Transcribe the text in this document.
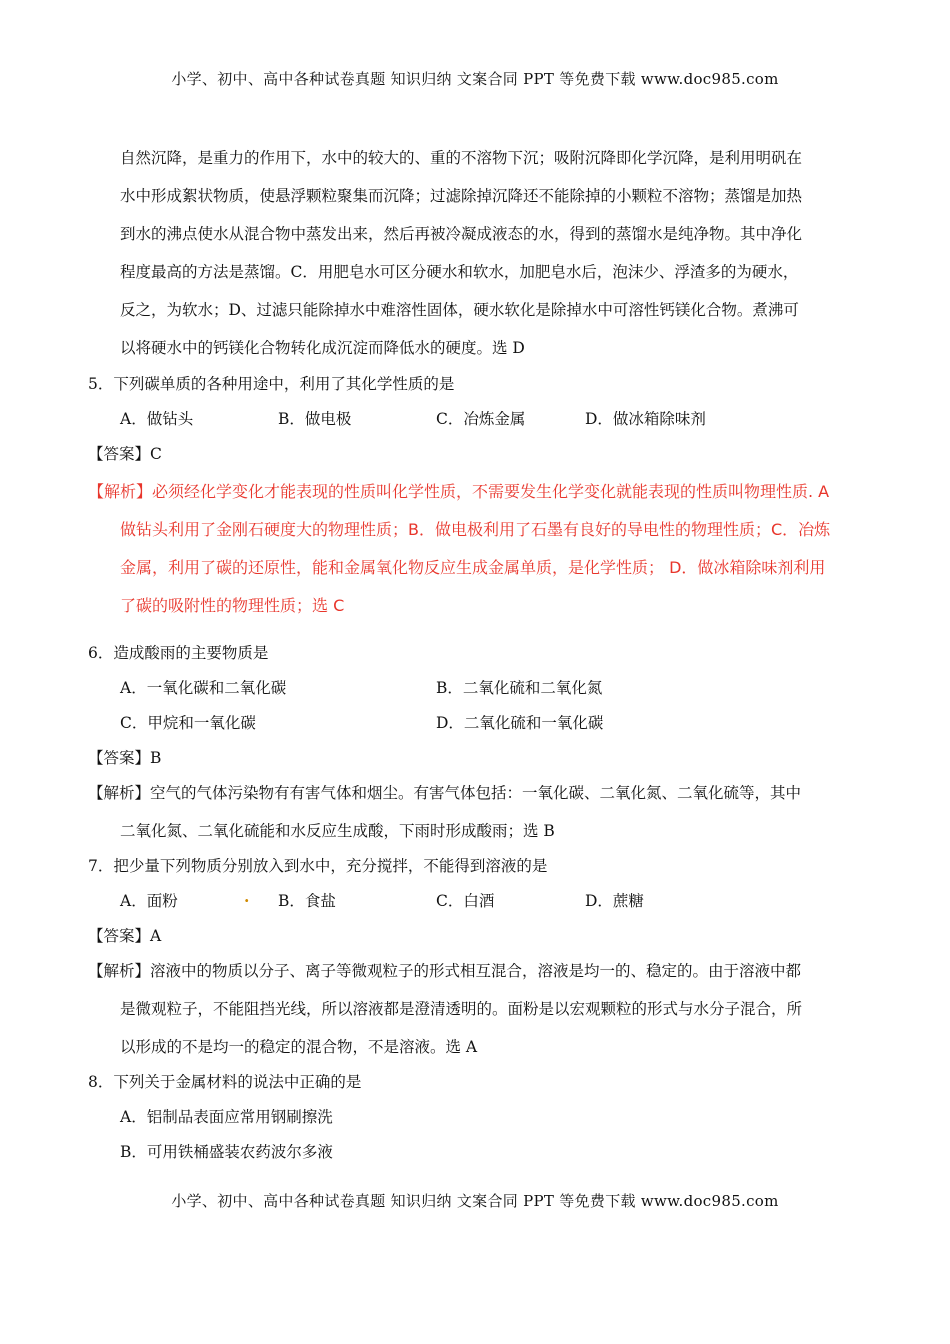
小学、初中、高中各种试卷真题 知识归纳 文案合同 PPT 等免费下载 www.doc985.com
自然沉降，是重力的作用下，水中的较大的、重的不溶物下沉；吸附沉降即化学沉降，是利用明矾在
水中形成絮状物质，使悬浮颗粒聚集而沉降；过滤除掉沉降还不能除掉的小颗粒不溶物；蒸馏是加热
到水的沸点使水从混合物中蒸发出来，然后再被冷凝成液态的水，得到的蒸馏水是纯净物。其中净化
程度最高的方法是蒸馏。C．用肥皂水可区分硬水和软水，加肥皂水后，泡沫少、浮渣多的为硬水，
反之，为软水；D、过滤只能除掉水中难溶性固体，硬水软化是除掉水中可溶性钙镁化合物。煮沸可
以将硬水中的钙镁化合物转化成沉淀而降低水的硬度。选 D
5．下列碳单质的各种用途中，利用了其化学性质的是
A．做钻头	B．做电极	C．冶炼金属	D．做冰箱除味剂
【答案】C
【解析】必须经化学变化才能表现的性质叫化学性质，不需要发生化学变化就能表现的性质叫物理性质. A
做钻头利用了金刚石硬度大的物理性质；B．做电极利用了石墨有良好的导电性的物理性质；C．冶炼
金属，利用了碳的还原性，能和金属氧化物反应生成金属单质，是化学性质； D．做冰箱除味剂利用
了碳的吸附性的物理性质；选 C
6．造成酸雨的主要物质是
A．一氧化碳和二氧化碳	B．二氧化硫和二氧化氮
C．甲烷和一氧化碳	D．二氧化硫和一氧化碳
【答案】B
【解析】空气的气体污染物有有害气体和烟尘。有害气体包括：一氧化碳、二氧化氮、二氧化硫等，其中
二氧化氮、二氧化硫能和水反应生成酸，下雨时形成酸雨；选 B
7．把少量下列物质分别放入到水中，充分搅拌，不能得到溶液的是
A．面粉	. B．食盐	C．白酒	D．蔗糖
【答案】A
【解析】溶液中的物质以分子、离子等微观粒子的形式相互混合，溶液是均一的、稳定的。由于溶液中都
是微观粒子，不能阻挡光线，所以溶液都是澄清透明的。面粉是以宏观颗粒的形式与水分子混合，所
以形成的不是均一的稳定的混合物，不是溶液。选 A
8．下列关于金属材料的说法中正确的是
A．铝制品表面应常用钢刷擦洗
B．可用铁桶盛装农药波尔多液
小学、初中、高中各种试卷真题 知识归纳 文案合同 PPT 等免费下载 www.doc985.com
